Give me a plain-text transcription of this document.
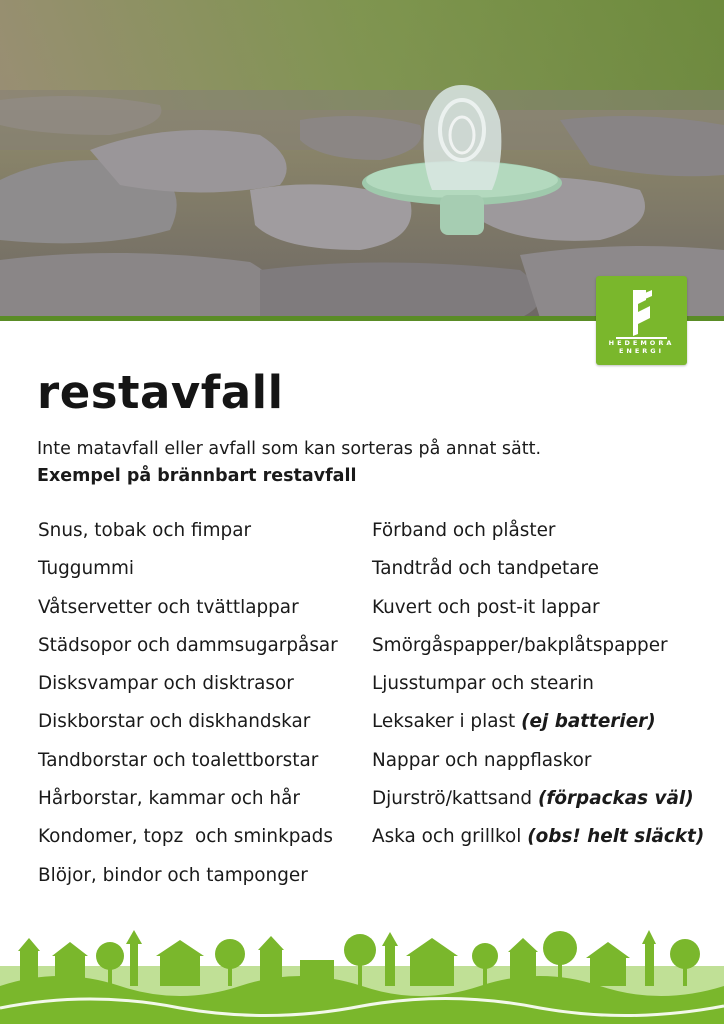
HEDEMORA
ENERGI
restavfall
Inte matavfall eller avfall som kan sorteras på annat sätt.
Exempel på brännbart restavfall
Snus, tobak och fimpar
Tuggummi
Våtservetter och tvättlappar
Städsopor och dammsugarpåsar
Disksvampar och disktrasor
Diskborstar och diskhandskar
Tandborstar och toalettborstar
Hårborstar, kammar och hår
Kondomer, topz  och sminkpads
Blöjor, bindor och tamponger
Förband och plåster
Tandtråd och tandpetare
Kuvert och post-it lappar
Smörgåspapper/bakplåtspapper
Ljusstumpar och stearin
Leksaker i plast (ej batterier)
Nappar och nappflaskor
Djurströ/kattsand (förpackas väl)
Aska och grillkol (obs! helt släckt)
